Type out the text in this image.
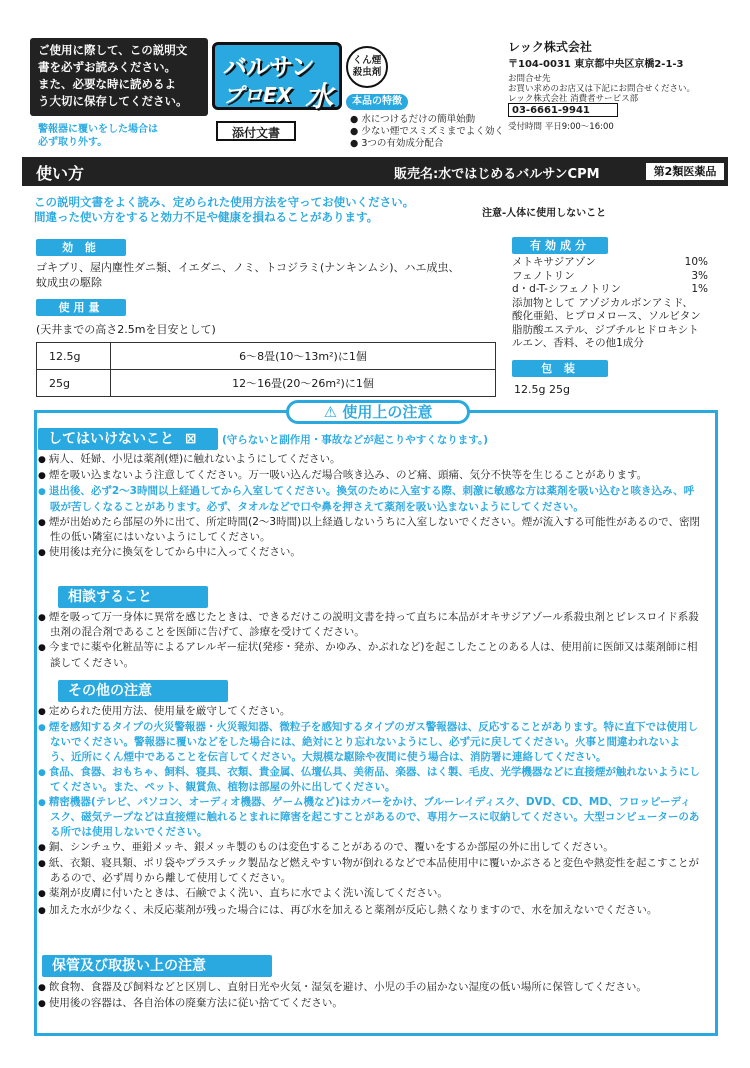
ご使用に際して、この説明文
書を必ずお読みください。
また、必要な時に読めるよ
う大切に保存してください。
バルサン
プロEX 水
くん煙
殺虫剤
本品の特徴
● 水につけるだけの簡単始動
● 少ない煙でスミズミまでよく効く
● 3つの有効成分配合
警報器に覆いをした場合は
必ず取り外す。
添付文書
レック株式会社
〒104-0031 東京都中央区京橋2-1-3
お問合せ先
お買い求めのお店又は下記にお問合せください。
レック株式会社 消費者サービス部
03-6661-9941
受付時間 平日9:00〜16:00
使い方	販売名:水ではじめるバルサンCPM	第2類医薬品
この説明文書をよく読み、定められた使用方法を守ってお使いください。
間違った使い方をすると効力不足や健康を損ねることがあります。	注意-人体に使用しないこと
効 能
ゴキブリ、屋内塵性ダニ類、イエダニ、ノミ、トコジラミ(ナンキンムシ)、ハエ成虫、
蚊成虫の駆除
使用量
(天井までの高さ2.5mを目安として)
12.5g	6〜8畳(10〜13m²)に1個
25g	12〜16畳(20〜26m²)に1個
有効成分
メトキサジアゾン	10%
フェノトリン	3%
d・d-T-シフェノトリン	1%
添加物として アゾジカルボンアミド、
酸化亜鉛、ヒプロメロース、ソルビタン
脂肪酸エステル、ジブチルヒドロキシト
ルエン、香料、その他1成分
包 装
12.5g 25g
⚠ 使用上の注意
してはいけないこと ⊠	(守らないと副作用・事故などが起こりやすくなります。)
● 病人、妊婦、小児は薬剤(煙)に触れないようにしてください。
● 煙を吸い込まないよう注意してください。万一吸い込んだ場合咳き込み、のど痛、頭痛、気分不快等を生じることがあります。
● 退出後、必ず2〜3時間以上経過してから入室してください。換気のために入室する際、刺激に敏感な方は薬剤を吸い込むと咳き込み、呼吸が苦しくなることがあります。必ず、タオルなどで口や鼻を押さえて薬剤を吸い込まないようにしてください。
● 煙が出始めたら部屋の外に出て、所定時間(2〜3時間)以上経過しないうちに入室しないでください。煙が流入する可能性があるので、密閉性の低い隣室にはいないようにしてください。
● 使用後は充分に換気をしてから中に入ってください。
相談すること
● 煙を吸って万一身体に異常を感じたときは、できるだけこの説明文書を持って直ちに本品がオキサジアゾール系殺虫剤とピレスロイド系殺虫剤の混合剤であることを医師に告げて、診療を受けてください。
● 今までに薬や化粧品等によるアレルギー症状(発疹・発赤、かゆみ、かぶれなど)を起こしたことのある人は、使用前に医師又は薬剤師に相談してください。
その他の注意
● 定められた使用方法、使用量を厳守してください。
● 煙を感知するタイプの火災警報器・火災報知器、微粒子を感知するタイプのガス警報器は、反応することがあります。特に直下では使用しないでください。警報器に覆いなどをした場合には、絶対にとり忘れないようにし、必ず元に戻してください。火事と間違われないよう、近所にくん煙中であることを伝言してください。大規模な駆除や夜間に使う場合は、消防署に連絡してください。
● 食品、食器、おもちゃ、飼料、寝具、衣類、貴金属、仏壇仏具、美術品、楽器、はく製、毛皮、光学機器などに直接煙が触れないようにしてください。また、ペット、観賞魚、植物は部屋の外に出してください。
● 精密機器(テレビ、パソコン、オーディオ機器、ゲーム機など)はカバーをかけ、ブルーレイディスク、DVD、CD、MD、フロッピーディスク、磁気テープなどは直接煙に触れるとまれに障害を起こすことがあるので、専用ケースに収納してください。大型コンピューターのある所では使用しないでください。
● 銅、シンチュウ、亜鉛メッキ、銀メッキ製のものは変色することがあるので、覆いをするか部屋の外に出してください。
● 紙、衣類、寝具類、ポリ袋やプラスチック製品など燃えやすい物が倒れるなどで本品使用中に覆いかぶさると変色や熱変性を起こすことがあるので、必ず周りから離して使用してください。
● 薬剤が皮膚に付いたときは、石鹸でよく洗い、直ちに水でよく洗い流してください。
● 加えた水が少なく、未反応薬剤が残った場合には、再び水を加えると薬剤が反応し熱くなりますので、水を加えないでください。
保管及び取扱い上の注意
● 飲食物、食器及び飼料などと区別し、直射日光や火気・湿気を避け、小児の手の届かない湿度の低い場所に保管してください。
● 使用後の容器は、各自治体の廃棄方法に従い捨ててください。
